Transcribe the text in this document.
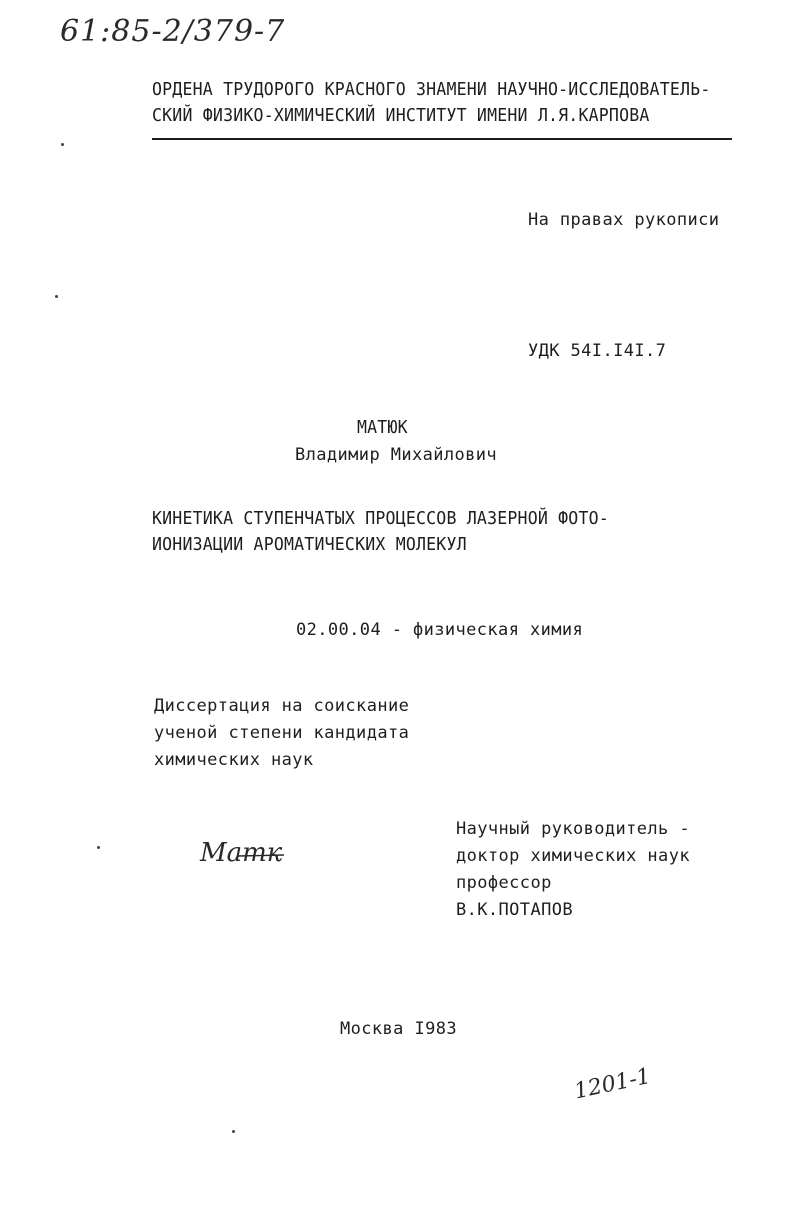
61:85-2/379-7
ОРДЕНА ТРУДОРОГО КРАСНОГО ЗНАМЕНИ НАУЧНО-ИССЛЕДОВАТЕЛЬ-
СКИЙ ФИЗИКО-ХИМИЧЕСКИЙ ИНСТИТУТ ИМЕНИ Л.Я.КАРПОВА
На правах рукописи
УДК 54I.I4I.7
МАТЮК
Владимир Михайлович
КИНЕТИКА СТУПЕНЧАТЫХ ПРОЦЕССОВ ЛАЗЕРНОЙ ФОТО-
ИОНИЗАЦИИ АРОМАТИЧЕСКИХ МОЛЕКУЛ
02.00.04 - физическая химия
Диссертация на соискание
ученой степени кандидата
химических наук
Матк
Научный руководитель -
доктор химических наук
профессор
В.К.ПОТАПОВ
Москва I983
1201-1
